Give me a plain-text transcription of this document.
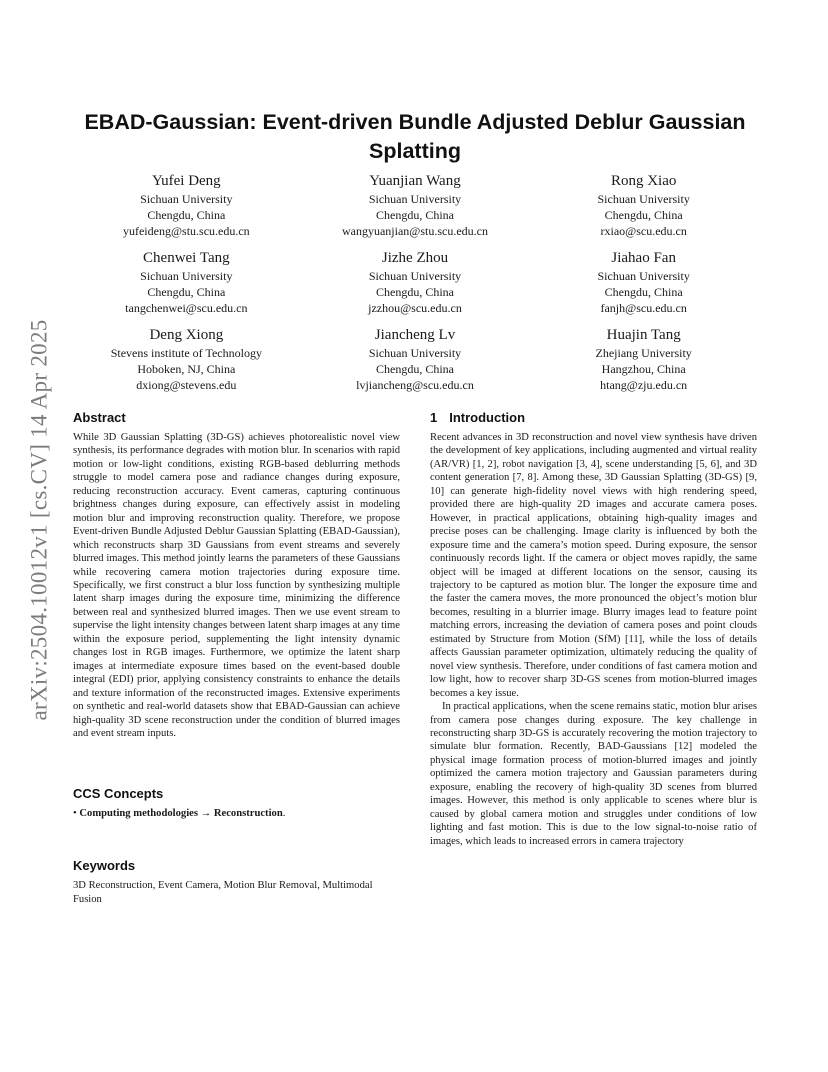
arXiv:2504.10012v1 [cs.CV] 14 Apr 2025
EBAD-Gaussian: Event-driven Bundle Adjusted Deblur Gaussian Splatting
Yufei Deng
Sichuan University
Chengdu, China
yufeideng@stu.scu.edu.cn
Yuanjian Wang
Sichuan University
Chengdu, China
wangyuanjian@stu.scu.edu.cn
Rong Xiao
Sichuan University
Chengdu, China
rxiao@scu.edu.cn
Chenwei Tang
Sichuan University
Chengdu, China
tangchenwei@scu.edu.cn
Jizhe Zhou
Sichuan University
Chengdu, China
jzzhou@scu.edu.cn
Jiahao Fan
Sichuan University
Chengdu, China
fanjh@scu.edu.cn
Deng Xiong
Stevens institute of Technology
Hoboken, NJ, China
dxiong@stevens.edu
Jiancheng Lv
Sichuan University
Chengdu, China
lvjiancheng@scu.edu.cn
Huajin Tang
Zhejiang University
Hangzhou, China
htang@zju.edu.cn
Abstract

While 3D Gaussian Splatting (3D-GS) achieves photorealistic novel view synthesis, its performance degrades with motion blur. In scenarios with rapid motion or low-light conditions, existing RGB-based deblurring methods struggle to model camera pose and radiance changes during exposure, reducing reconstruction accuracy. Event cameras, capturing continuous brightness changes during exposure, can effectively assist in modeling motion blur and improving reconstruction quality. Therefore, we propose Event-driven Bundle Adjusted Deblur Gaussian Splatting (EBAD-Gaussian), which reconstructs sharp 3D Gaussians from event streams and severely blurred images. This method jointly learns the parameters of these Gaussians while recovering camera motion trajectories during exposure time. Specifically, we first construct a blur loss function by synthesizing multiple latent sharp images during the exposure time, minimizing the difference between real and synthesized blurred images. Then we use event stream to supervise the light intensity changes between latent sharp images at any time within the exposure period, supplementing the light intensity dynamic changes lost in RGB images. Furthermore, we optimize the latent sharp images at intermediate exposure times based on the event-based double integral (EDI) prior, applying consistency constraints to enhance the details and texture information of the reconstructed images. Extensive experiments on synthetic and real-world datasets show that EBAD-Gaussian can achieve high-quality 3D scene reconstruction under the condition of blurred images and event stream inputs.

CCS Concepts
• Computing methodologies → Reconstruction.
Keywords

3D Reconstruction, Event Camera, Motion Blur Removal, Multimodal Fusion

1 Introduction

Recent advances in 3D reconstruction and novel view synthesis have driven the development of key applications, including augmented and virtual reality (AR/VR) [1, 2], robot navigation [3, 4], scene understanding [5, 6], and 3D content generation [7, 8]. Among these, 3D Gaussian Splatting (3D-GS) [9, 10] can generate high-fidelity novel views with high rendering speed, provided there are high-quality 2D images and accurate camera poses. However, in practical applications, obtaining high-quality images and precise poses can be challenging. Image clarity is influenced by both the exposure time and the camera’s motion speed. During exposure, the sensor continuously records light. If the camera or object moves rapidly, the same object will be imaged at different locations on the sensor, causing its trajectory to be captured as motion blur. The longer the exposure time and the faster the camera moves, the more pronounced the object’s motion blur becomes, resulting in a blurrier image. Blurry images lead to feature point matching errors, increasing the deviation of camera poses and point clouds estimated by Structure from Motion (SfM) [11], while the loss of details affects Gaussian parameter optimization, ultimately reducing the quality of novel view synthesis. Therefore, under conditions of fast camera motion and low light, how to recover sharp 3D-GS scenes from motion-blurred images becomes a key issue.

In practical applications, when the scene remains static, motion blur arises from camera pose changes during exposure. The key challenge in reconstructing sharp 3D-GS is accurately recovering the motion trajectory to simulate blur formation. Recently, BAD-Gaussians [12] modeled the physical image formation process of motion-blurred images and jointly optimized the camera motion trajectory and Gaussian parameters during exposure, enabling the recovery of high-quality 3D scenes from blurred images. However, this method is only applicable to scenes where blur is caused by global camera motion and struggles under conditions of low lighting and fast motion. This is due to the low signal-to-noise ratio of images, which leads to increased errors in camera trajectory
